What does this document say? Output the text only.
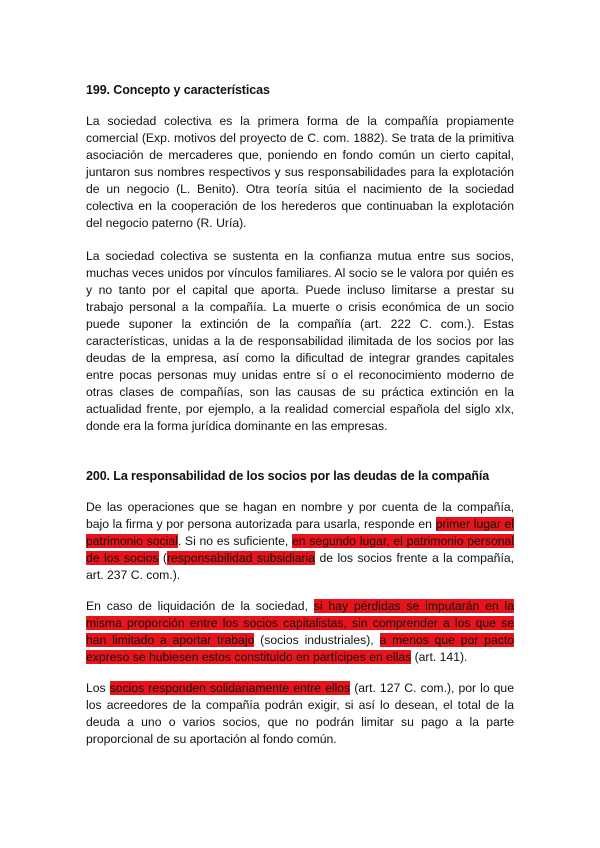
199. Concepto y características

La sociedad colectiva es la primera forma de la compañía propiamente comercial (Exp. motivos del proyecto de C. com. 1882). Se trata de la primitiva asociación de mercaderes que, poniendo en fondo común un cierto capital, juntaron sus nombres respectivos y sus responsabilidades para la explotación de un negocio (L. Benito). Otra teoría sitúa el nacimiento de la sociedad colectiva en la cooperación de los herederos que continuaban la explotación del negocio paterno (R. Uría).

La sociedad colectiva se sustenta en la confianza mutua entre sus socios, muchas veces unidos por vínculos familiares. Al socio se le valora por quién es y no tanto por el capital que aporta. Puede incluso limitarse a prestar su trabajo personal a la compañía. La muerte o crisis económica de un socio puede suponer la extinción de la compañía (art. 222 C. com.). Estas características, unidas a la de responsabilidad ilimitada de los socios por las deudas de la empresa, así como la dificultad de integrar grandes capitales entre pocas personas muy unidas entre sí o el reconocimiento moderno de otras clases de compañías, son las causas de su práctica extinción en la actualidad frente, por ejemplo, a la realidad comercial española del siglo xIx, donde era la forma jurídica dominante en las empresas.

200. La responsabilidad de los socios por las deudas de la compañía

De las operaciones que se hagan en nombre y por cuenta de la compañía, bajo la firma y por persona autorizada para usarla, responde en primer lugar el patrimonio social. Si no es suficiente, en segundo lugar, el patrimonio personal de los socios (responsabilidad subsidiaria de los socios frente a la compañía, art. 237 C. com.).

En caso de liquidación de la sociedad, si hay pérdidas se imputarán en la misma proporción entre los socios capitalistas, sin comprender a los que se han limitado a aportar trabajo (socios industriales), a menos que por pacto expreso se hubiesen estos constituido en partícipes en ellas (art. 141).

Los socios responden solidariamente entre ellos (art. 127 C. com.), por lo que los acreedores de la compañía podrán exigir, si así lo desean, el total de la deuda a uno o varios socios, que no podrán limitar su pago a la parte proporcional de su aportación al fondo común.
